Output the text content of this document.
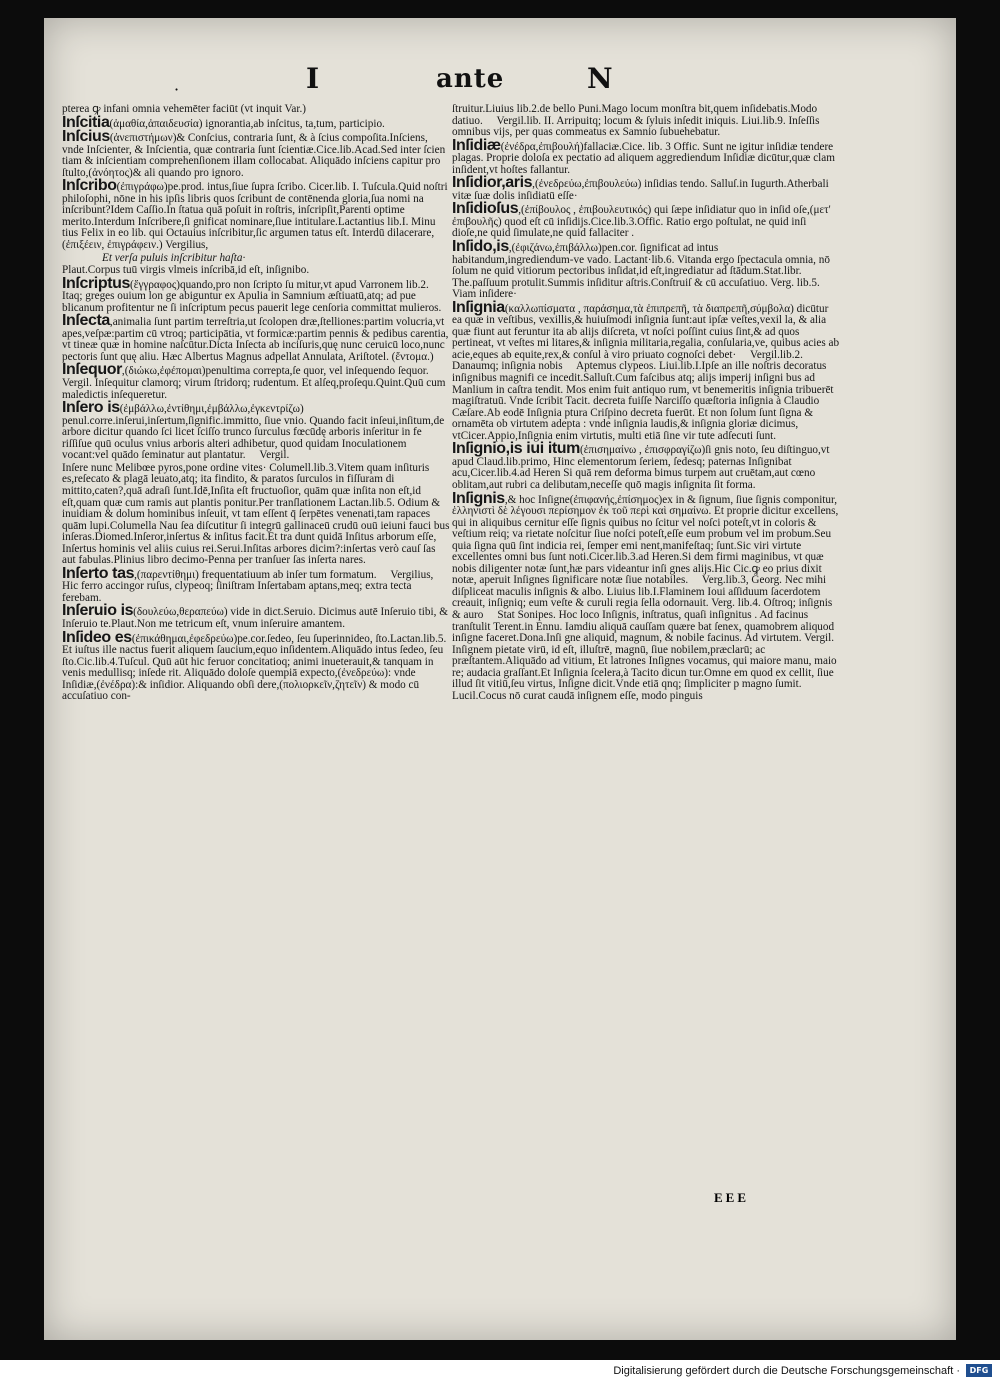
·	I	ante	N
pterea ꝙ infani omnia vehemēter faciūt (vt inquit Var.)
Inſcitia(ἀμαθία,ἀπαιδευσία) ignorantia,ab inſcitus, ta,tum, participio.
Inſcius(ἀνεπιστήμων)& Conſcius, contraria ſunt, & à ſcius compoſita.Inſciens, vnde Inſcienter, & Inſcientia, quæ contraria ſunt ſcientiæ.Cice.lib.Acad.Sed inter ſcien tiam & inſcientiam comprehenſionem illam collocabat. Aliquādo inſciens capitur pro ſtulto,(ἀνόητος)& ali quando pro ignoro.
Inſcribo(ἐπιγράφω)pe.prod. intus,ſiue ſupra ſcribo. Cicer.lib. I. Tuſcula.Quid noſtri philoſophi, nōne in his ipſis libris quos ſcribunt de contēnenda gloria,ſua nomi na inſcribunt?Idem Caſſio.In ſtatua quā poſuit in roſtris, inſcripſit,Parenti optime merito.Interdum Inſcribere,ſi gnificat nominare,ſiue intitulare.Lactantius lib.I. Minu tius Felix in eo lib. qui Octauius inſcribitur,ſic argumen tatus eſt. Interdū dilacerare, (ἐπιξέειν, ἐπιγράφειν.) Vergilius,
Et verſa puluis inſcribitur haſta·
Plaut.Corpus tuū virgis vlmeis inſcribā,id eſt, inſignibo.
Inſcriptus(ἔγγραφος)quando,pro non ſcripto ſu mitur,vt apud Varronem lib.2. Itaq; greges ouium lon ge abiguntur ex Apulia in Samnium æſtiuatū,atq; ad pue blicanum profitentur ne ſi inſcriptum pecus pauerit lege cenſoria committat mulieros.
Inſecta,animalia ſunt partim terreſtria,ut ſcolopen dræ,ſtelliones:partim volucria,vt apes,veſpæ:partim cū vtroq; participātia, vt formicæ:partim pennis & pedibus carentia, vt tineæ quæ in homine naſcūtur.Dicta Inſecta ab inciſuris,quę nunc ceruicū loco,nunc pectoris ſunt quę aliu. Hæc Albertus Magnus adpellat Annulata, Ariſtotel. (ἔντομα.)
Inſequor,(διώκω,ἐφέπομαι)penultima correpta,ſe quor, vel inſequendo ſequor.     Vergil. Inſequitur clamorq; virum ſtridorq; rudentum. Et alſeq,proſequ.Quint.Quū cum maledictis inſequeretur.
Inſero is(ἐμβάλλω,ἐντίθημι,ἐμβάλλω,ἐγκεντρίζω) penul.corre.inſerui,inſertum,ſignific.immitto, ſiue vnio. Quando facit inſeui,inſitum,de arbore dicitur quando ſci licet ſciſſo trunco ſurculus fœcūdę arboris inſeritur in fe riſſiſue quū oculus vnius arboris alteri adhibetur, quod quidam Inoculationem vocant:vel quādo ſeminatur aut plantatur.     Vergil.
Inſere nunc Melibœe pyros,pone ordine vites· Columell.lib.3.Vitem quam inſituris es,reſecato & plagā leuato,atq; ita findito, & paratos ſurculos in fiſſuram di mittito,caten?,quā adraſi ſunt.Idē,Inſita eſt fructuoſior, quām quæ inſita non eſt,id eſt,quam quæ cum ramis aut plantis ponitur.Per tranſlationem Lactan.lib.5. Odium & inuidiam & dolum hominibus inſeuit, vt tam eſſent q̄ ſerpētes venenati,tam rapaces quām lupi.Columella Nau ſea diſcutitur ſi integrū gallinaceū crudū ouū ieiuni fauci bus inſeras.Diomed.Inſeror,inſertus & inſitus facit.Et tra dunt quidā Inſitus arborum eſſe, Inſertus hominis vel aliis cuius rei.Serui.Inſitas arbores dicim?:inſertas verò cauſ ſas aut fabulas.Plinius libro decimo-Penna per tranſuer ſas inſerta nares.
Inſerto tas,(παρεντίθημι) frequentatiuum ab inſer tum formatum.     Vergilius, Hic ferro accingor ruſus, clypeoq; ſiniſtram Inſertabam aptans,meq; extra tecta ferebam.
Inſeruio is(δουλεύω,θεραπεύω) vide in dict.Seruio. Dicimus autē Inſeruio tibi, & Inſeruio te.Plaut.Non me tetricum eſt, vnum inſeruire amantem.
Inſideo es(ἐπικάθημαι,ἐφεδρεύω)pe.cor.ſedeo, ſeu ſuperinnideo, ſto.Lactan.lib.5. Et iuſtus ille nactus fuerit aliquem ſaucium,equo inſidentem.Aliquādo intus ſedeo, ſeu ſto.Cic.lib.4.Tuſcul. Quū aūt hic feruor concitatioq; animi inueterauit,& tanquam in venis medullisq; inſede rit. Aliquādo doloſe quempiā expecto,(ἐνεδρεύω): vnde Inſidiæ,(ἐνέδρα):& inſidior. Aliquando obſi dere,(πολιορκεῖν,ζητεῖν) & modo cū accuſatiuo con-
ſtruitur.Liuius lib.2.de bello Puni.Mago locum monſtra bit,quem inſidebatis.Modo datiuo.     Vergil.lib. II. Arripuitq; locum & ſyluis inſedit iniquis. Liui.lib.9. Inſeſſis omnibus vijs, per quas commeatus ex Samnio ſubuehebatur.
Inſidiæ(ἐνέδρα,ἐπιβουλή)fallaciæ.Cice. lib. 3 Offic. Sunt ne igitur inſidiæ tendere plagas. Proprie doloſa ex pectatio ad aliquem aggrediendum Inſidiæ dicūtur,quæ clam inſident,vt hoſtes fallantur.
Inſidior,aris,(ἐνεδρεύω,ἐπιβουλεύω) inſidias tendo. Salluſ.in Iugurth.Atherbali vitæ ſuæ dolis inſidiatū eſſe·
Inſidioſus,(ἐπίβουλος , ἐπιβουλευτικός) qui ſæpe inſidiatur quo in inſid oſe,(μετ' ἐπιβουλῆς) quod eſt cū inſidijs.Cice.lib.3.Offic. Ratio ergo poſtulat, ne quid inſi dioſe,ne quid ſimulate,ne quid fallaciter .
Inſido,is,(ἐφιζάνω,ἐπιβάλλω)pen.cor. ſignificat ad intus habitandum,ingrediendum-ve vado. Lactant·lib.6. Vitanda ergo ſpectacula omnia, nō ſolum ne quid vitiorum pectoribus inſidat,id eſt,ingrediatur ad ſtādum.Stat.libr. The.paſſuum protulit.Summis inſiditur aſtris.Conſtruiſ & cū accuſatiuo. Verg. lib.5.     Viam inſidere·
Inſignia(καλλωπίσματα , παράσημα,τὰ ἐπιπρεπῆ, τὰ διαπρεπῆ,σύμβολα) dicūtur ea quæ in veſtibus, vexillis,& huiuſmodi inſignia ſunt:aut ipſæ veſtes,vexil la, & alia quæ fiunt aut feruntur ita ab alijs diſcreta, vt noſci poſſint cuius ſint,& ad quos pertineat, vt veſtes mi litares,& inſignia militaria,regalia, conſularia,ve, quibus acies ab acie,eques ab equite,rex,& conſul à viro priuato cognoſci debet·     Vergil.lib.2. Danaumq; inſignia nobis     Aptemus clypeos. Liui.lib.I.Ipſe an ille noſtris decoratus inſignibus magnifi ce incedit.Salluſt.Cum faſcibus atq; alijs imperij inſigni bus ad Manlium in caſtra tendit. Mos enim fuit antiquo rum, vt benemeritis inſignia tribuerēt magiſtratuū. Vnde ſcribit Tacit. decreta fuiſſe Narciſſo quæſtoria inſignia à Claudio Cæſare.Ab eodē Inſignia ptura Criſpino decreta fuerūt. Et non ſolum ſunt ſigna & ornamēta ob virtutem adepta : vnde inſignia laudis,& inſignia gloriæ dicimus, vtCicer.Appio,Inſignia enim virtutis, multi etiā ſine vir tute adſecuti ſunt.
Inſignio,is iui itum(ἐπισημαίνω , ἐπισφραγίζω)ſi gnis noto, ſeu diſtinguo,vt apud Claud.lib.primo, Hinc elementorum ſeriem, ſedesq; paternas Inſignibat acu,Cicer.lib.4.ad Heren Si quā rem deforma bimus turpem aut cruētam,aut cœno oblitam,aut rubri ca delibutam,neceſſe quō magis inſignita ſit forma.
Inſignis,& hoc Inſigne(ἐπιφανής,ἐπίσημος)ex in & ſignum, ſiue ſignis componitur, ἑλληνιστὶ δὲ λέγουσι περίσημον ἐκ τοῦ περὶ καὶ σημαίνω. Et proprie dicitur excellens, qui in aliquibus cernitur eſſe ſignis quibus no ſcitur vel noſci poteſt,vt in coloris & veſtium reiq; va rietate noſcitur ſiue noſci poteſt,eſſe eum probum vel im probum.Seu quia ſigna quū ſint indicia rei, ſemper emi nent,manifeſtaq; ſunt.Sic viri virtute excellentes omni bus ſunt noti.Cicer.lib.3.ad Heren.Si dem firmi maginibus, vt quæ nobis diligenter notæ ſunt,hæ pars videantur inſi gnes alijs.Hic Cic.ꝙ eo prius dixit notæ, aperuit Inſignes ſignificare notæ ſiue notabiles.     Verg.lib.3, Georg. Nec mihi diſpliceat maculis inſignis & albo. Liuius lib.I.Flaminem Ioui aſſiduum ſacerdotem creauit, inſigniq; eum veſte & curuli regia ſella odornauit. Verg. lib.4. Oſtroq; inſignis & auro     Stat Sonipes. Hoc loco Inſignis, inſtratus, quaſi inſignitus . Ad facinus tranſtulit Terent.in Ennu. Iamdiu aliquā cauſſam quære bat ſenex, quamobrem aliquod inſigne faceret.Dona.Inſi gne aliquid, magnum, & nobile facinus. Ad virtutem. Vergil. Inſignem pietate virū, id eſt, illuſtrē, magnū, ſiue nobilem,præclarū; ac præſtantem.Aliquādo ad vitium, Et latrones Inſignes vocamus, qui maiore manu, maio re; audacia graſſant.Et Inſignia ſcelera,à Tacito dicun tur.Omne em quod ex cellit, ſiue illud ſit vitiū,ſeu virtus, Inſigne dicit.Vnde etiā qnq; ſimpliciter p magno ſumit. Lucil.Cocus nō curat caudā inſignem eſſe, modo pinguis
EEE
Digitalisierung gefördert durch die Deutsche Forschungsgemeinschaft ·	DFG
